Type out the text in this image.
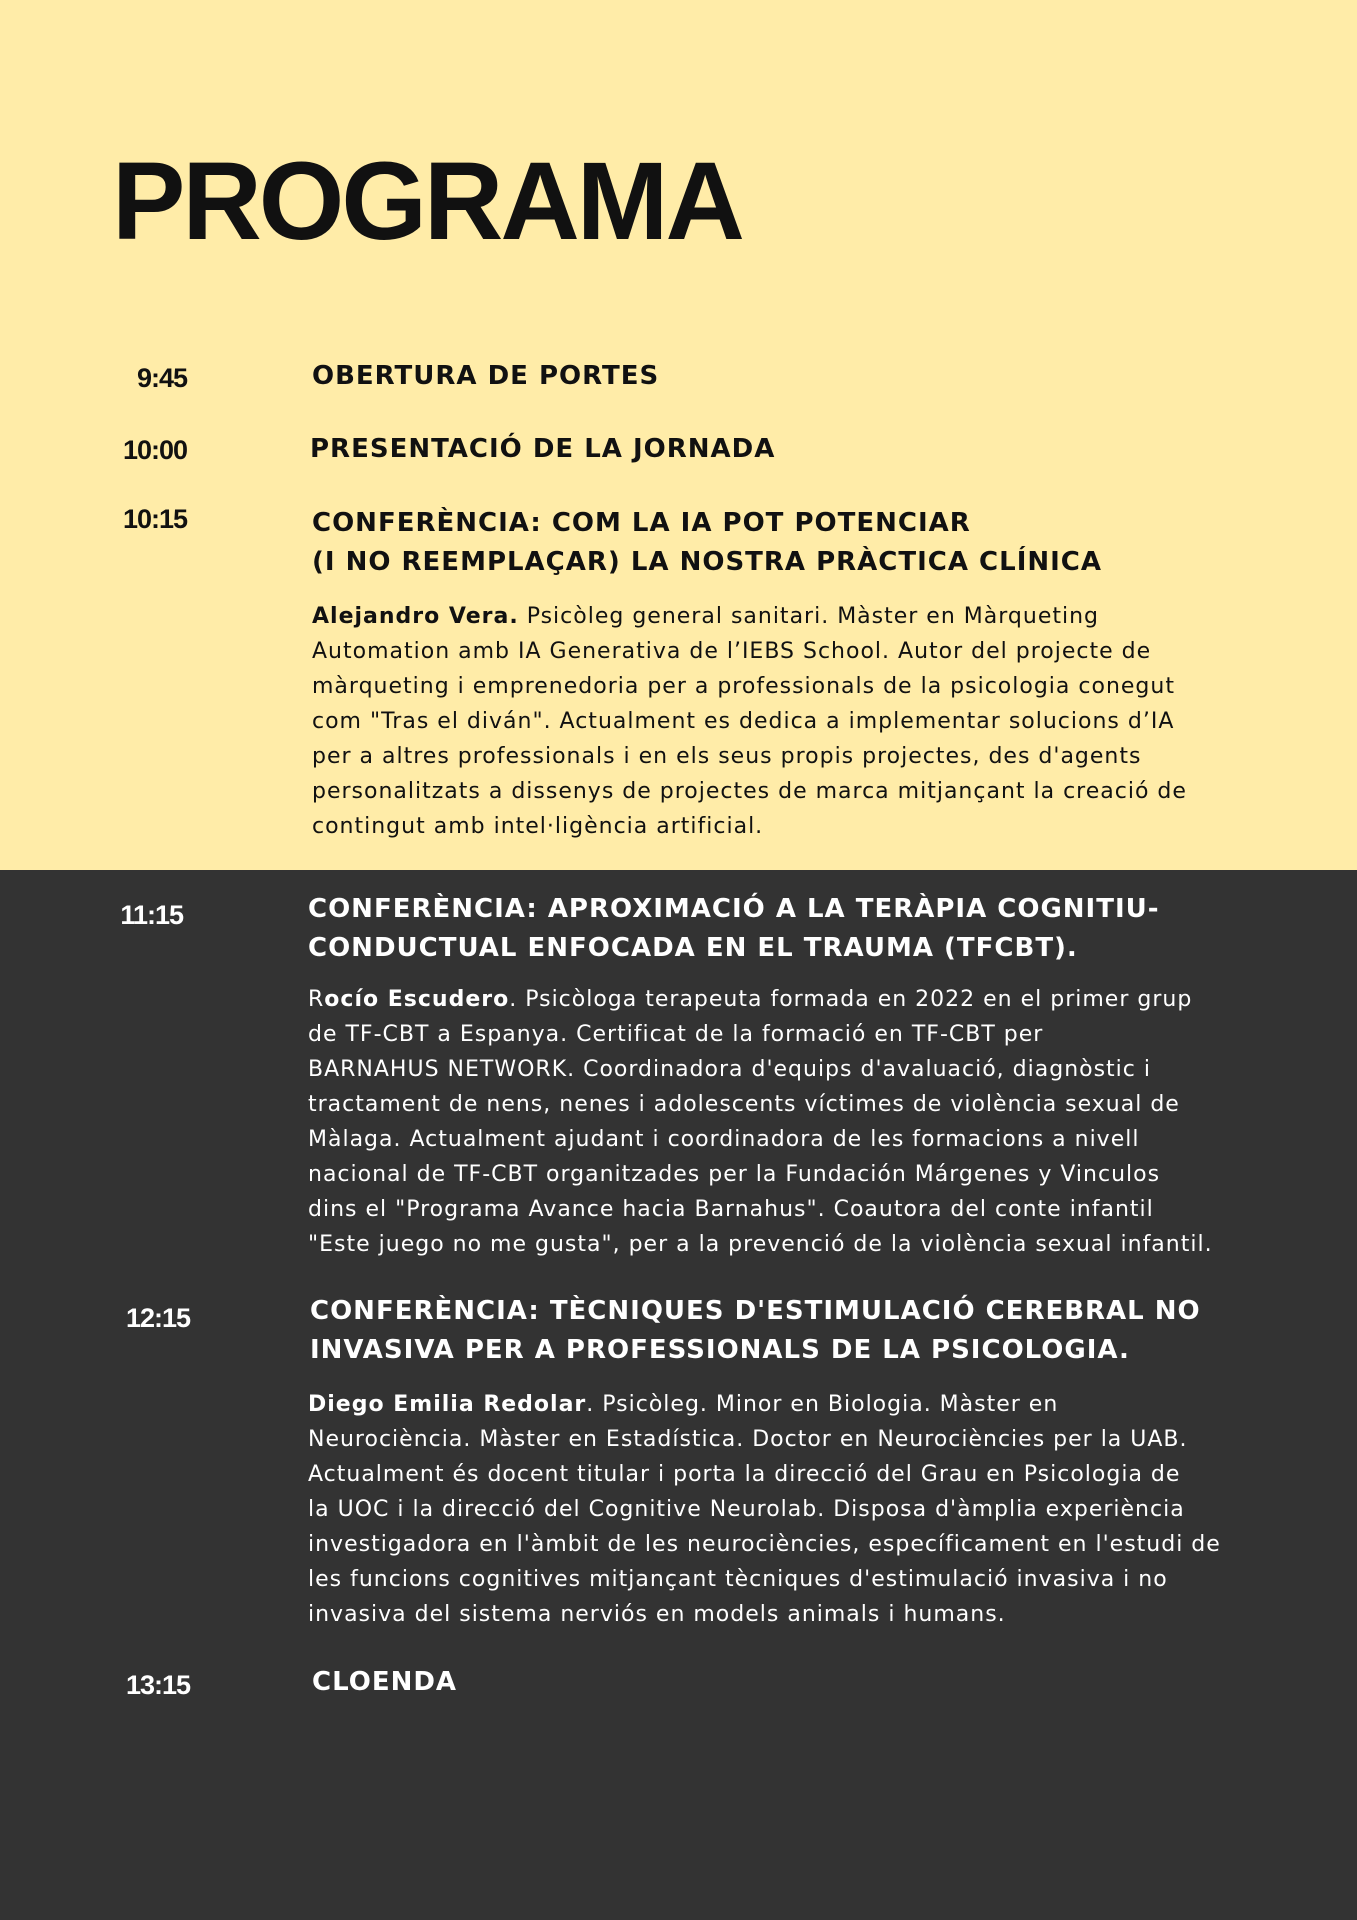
PROGRAMA
9:45	OBERTURA DE PORTES
10:00	PRESENTACIÓ DE LA JORNADA
10:15	CONFERÈNCIA: COM LA IA POT POTENCIAR
(I NO REEMPLAÇAR) LA NOSTRA PRÀCTICA CLÍNICA
Alejandro Vera. Psicòleg general sanitari. Màster en Màrqueting
Automation amb IA Generativa de l’IEBS School. Autor del projecte de
màrqueting i emprenedoria per a professionals de la psicologia conegut
com "Tras el diván". Actualment es dedica a implementar solucions d’IA
per a altres professionals i en els seus propis projectes, des d'agents
personalitzats a dissenys de projectes de marca mitjançant la creació de
contingut amb intel·ligència artificial.
11:15	CONFERÈNCIA: APROXIMACIÓ A LA TERÀPIA COGNITIU-
CONDUCTUAL ENFOCADA EN EL TRAUMA (TFCBT).
Rocío Escudero. Psicòloga terapeuta formada en 2022 en el primer grup
de TF-CBT a Espanya. Certificat de la formació en TF-CBT per
BARNAHUS NETWORK. Coordinadora d'equips d'avaluació, diagnòstic i
tractament de nens, nenes i adolescents víctimes de violència sexual de
Màlaga. Actualment ajudant i coordinadora de les formacions a nivell
nacional de TF-CBT organitzades per la Fundación Márgenes y Vinculos
dins el "Programa Avance hacia Barnahus". Coautora del conte infantil
"Este juego no me gusta", per a la prevenció de la violència sexual infantil.
12:15	CONFERÈNCIA: TÈCNIQUES D'ESTIMULACIÓ CEREBRAL NO
INVASIVA PER A PROFESSIONALS DE LA PSICOLOGIA.
Diego Emilia Redolar. Psicòleg. Minor en Biologia. Màster en
Neurociència. Màster en Estadística. Doctor en Neurociències per la UAB.
Actualment és docent titular i porta la direcció del Grau en Psicologia de
la UOC i la direcció del Cognitive Neurolab. Disposa d'àmplia experiència
investigadora en l'àmbit de les neurociències, específicament en l'estudi de
les funcions cognitives mitjançant tècniques d'estimulació invasiva i no
invasiva del sistema nerviós en models animals i humans.
13:15	CLOENDA
